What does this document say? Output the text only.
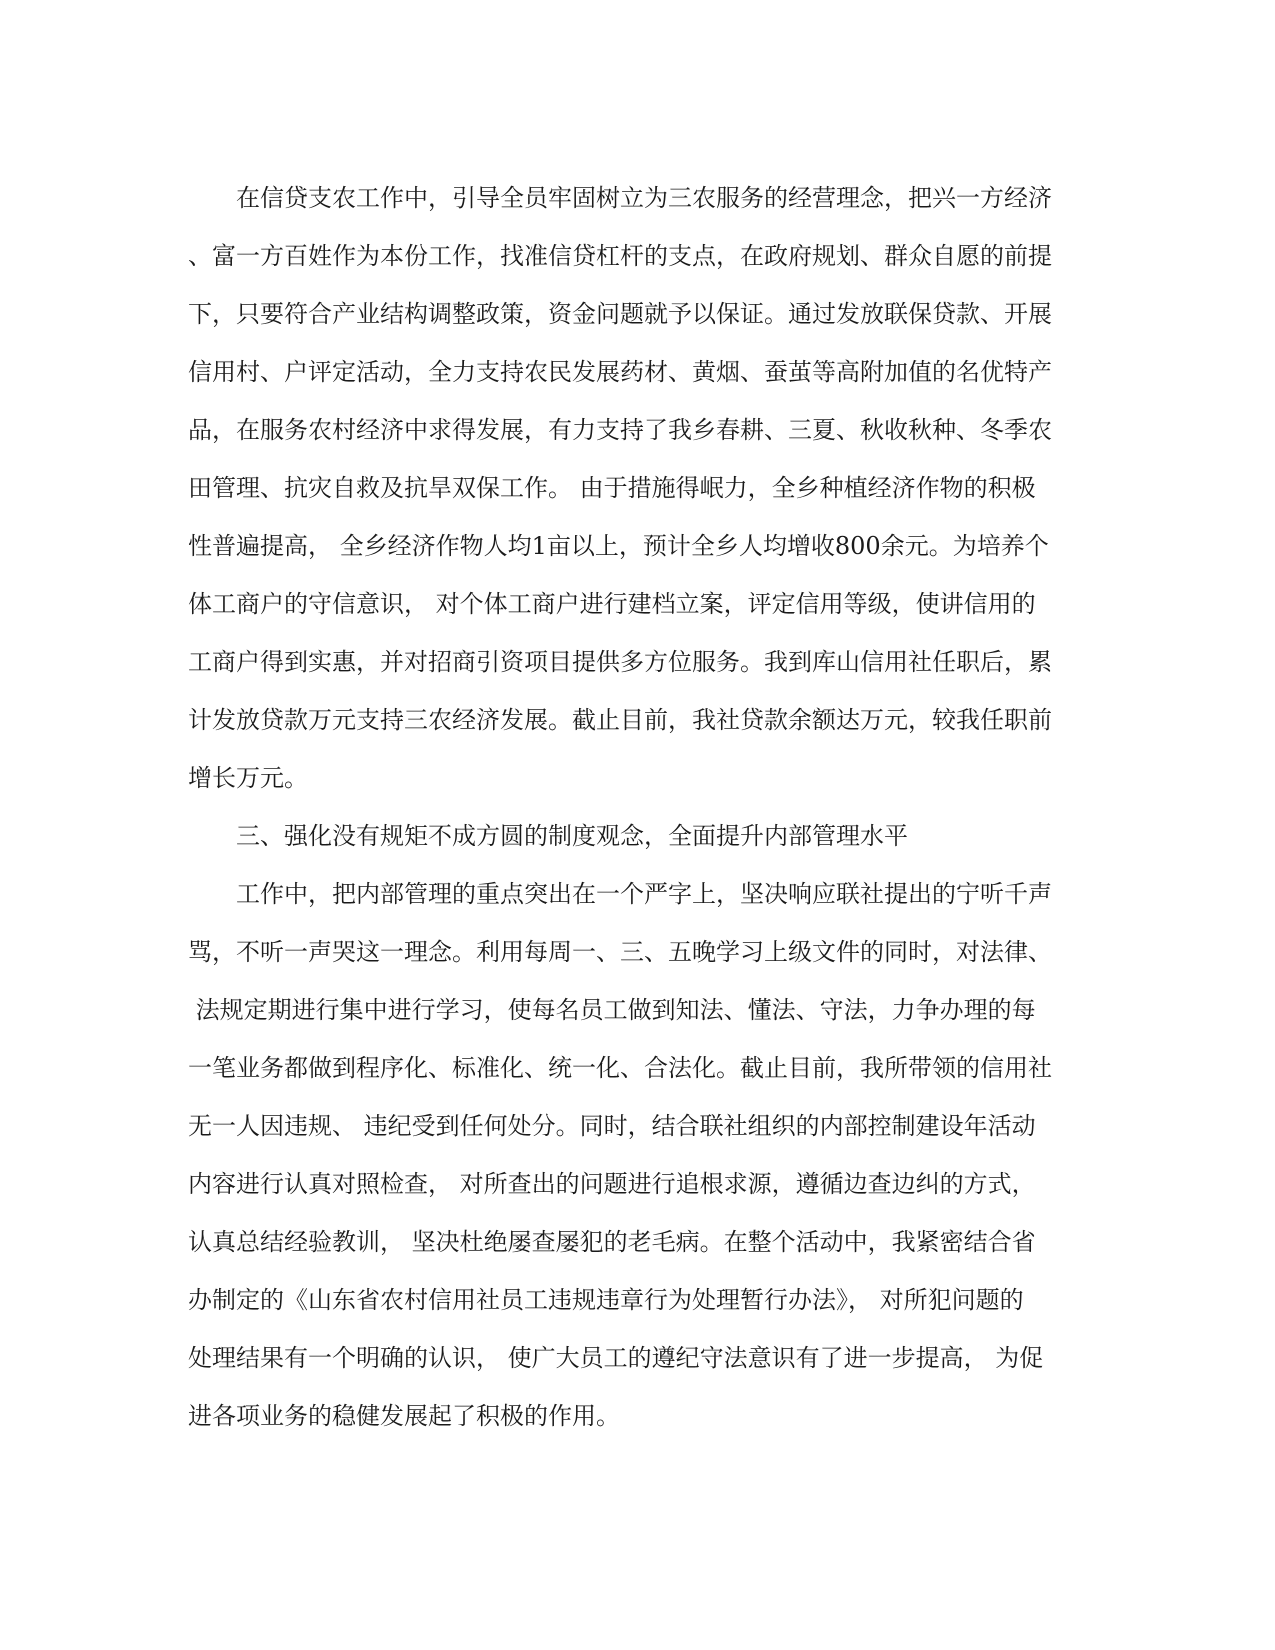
在信贷支农工作中，引导全员牢固树立为三农服务的经营理念，把兴一方经济
、富一方百姓作为本份工作，找准信贷杠杆的支点，在政府规划、群众自愿的前提
下，只要符合产业结构调整政策，资金问题就予以保证。通过发放联保贷款、开展
信用村、户评定活动，全力支持农民发展药材、黄烟、蚕茧等高附加值的名优特产
品，在服务农村经济中求得发展，有力支持了我乡春耕、三夏、秋收秋种、冬季农
田管理、抗灾自救及抗旱双保工作。 由于措施得岷力，全乡种植经济作物的积极
性普遍提高， 全乡经济作物人均1亩以上，预计全乡人均增收800余元。为培养个
体工商户的守信意识， 对个体工商户进行建档立案，评定信用等级，使讲信用的
工商户得到实惠，并对招商引资项目提供多方位服务。我到库山信用社任职后，累
计发放贷款万元支持三农经济发展。截止目前，我社贷款余额达万元，较我任职前
增长万元。
三、强化没有规矩不成方圆的制度观念，全面提升内部管理水平
工作中，把内部管理的重点突出在一个严字上，坚决响应联社提出的宁听千声
骂，不听一声哭这一理念。利用每周一、三、五晚学习上级文件的同时，对法律、
法规定期进行集中进行学习，使每名员工做到知法、懂法、守法，力争办理的每
一笔业务都做到程序化、标准化、统一化、合法化。截止目前，我所带领的信用社
无一人因违规、 违纪受到任何处分。同时，结合联社组织的内部控制建设年活动
内容进行认真对照检查， 对所查出的问题进行追根求源，遵循边查边纠的方式，
认真总结经验教训， 坚决杜绝屡查屡犯的老毛病。在整个活动中，我紧密结合省
办制定的《山东省农村信用社员工违规违章行为处理暂行办法》， 对所犯问题的
处理结果有一个明确的认识， 使广大员工的遵纪守法意识有了进一步提高， 为促
进各项业务的稳健发展起了积极的作用。
